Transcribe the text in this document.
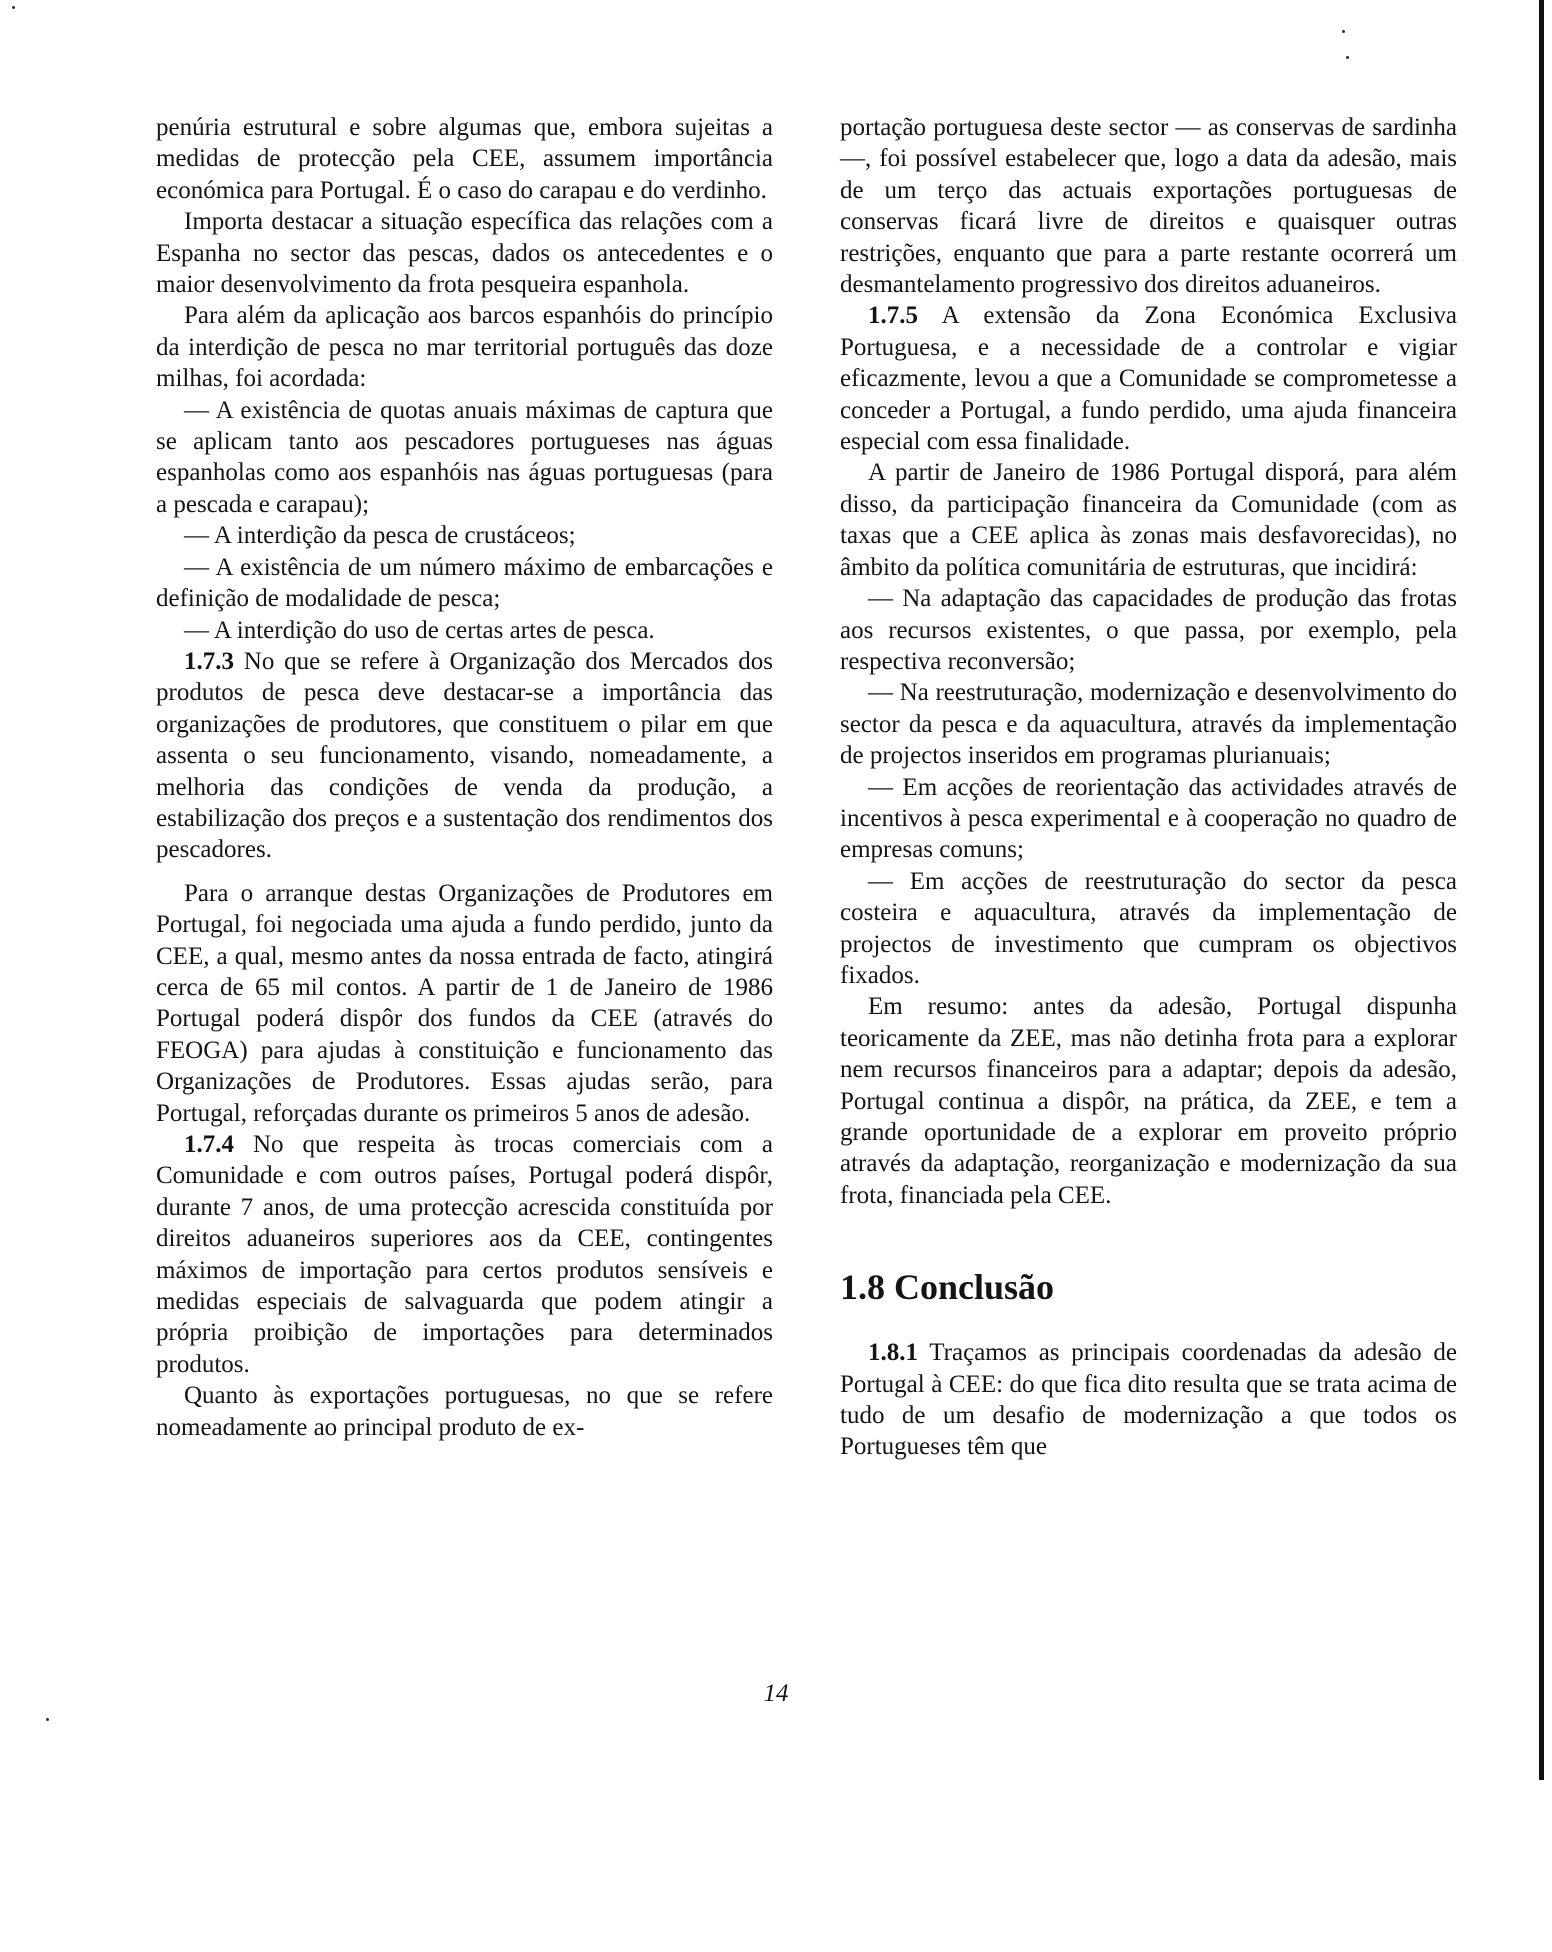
penúria estrutural e sobre algumas que, embora sujeitas a medidas de protecção pela CEE, assumem importância económica para Portugal. É o caso do carapau e do verdinho.

Importa destacar a situação específica das relações com a Espanha no sector das pescas, dados os antecedentes e o maior desenvolvimento da frota pesqueira espanhola.

Para além da aplicação aos barcos espanhóis do princípio da interdição de pesca no mar territorial português das doze milhas, foi acordada:

— A existência de quotas anuais máximas de captura que se aplicam tanto aos pescadores portugueses nas águas espanholas como aos espanhóis nas águas portuguesas (para a pescada e carapau);

— A interdição da pesca de crustáceos;

— A existência de um número máximo de embarcações e definição de modalidade de pesca;

— A interdição do uso de certas artes de pesca.

1.7.3 No que se refere à Organização dos Mercados dos produtos de pesca deve destacar-se a importância das organizações de produtores, que constituem o pilar em que assenta o seu funcionamento, visando, nomeadamente, a melhoria das condições de venda da produção, a estabilização dos preços e a sustentação dos rendimentos dos pescadores.

Para o arranque destas Organizações de Produtores em Portugal, foi negociada uma ajuda a fundo perdido, junto da CEE, a qual, mesmo antes da nossa entrada de facto, atingirá cerca de 65 mil contos. A partir de 1 de Janeiro de 1986 Portugal poderá dispôr dos fundos da CEE (através do FEOGA) para ajudas à constituição e funcionamento das Organizações de Produtores. Essas ajudas serão, para Portugal, reforçadas durante os primeiros 5 anos de adesão.

1.7.4 No que respeita às trocas comerciais com a Comunidade e com outros países, Portugal poderá dispôr, durante 7 anos, de uma protecção acrescida constituída por direitos aduaneiros superiores aos da CEE, contingentes máximos de importação para certos produtos sensíveis e medidas especiais de salvaguarda que podem atingir a própria proibição de importações para determinados produtos.

Quanto às exportações portuguesas, no que se refere nomeadamente ao principal produto de ex-

portação portuguesa deste sector — as conservas de sardinha —, foi possível estabelecer que, logo a data da adesão, mais de um terço das actuais exportações portuguesas de conservas ficará livre de direitos e quaisquer outras restrições, enquanto que para a parte restante ocorrerá um desmantelamento progressivo dos direitos aduaneiros.

1.7.5 A extensão da Zona Económica Exclusiva Portuguesa, e a necessidade de a controlar e vigiar eficazmente, levou a que a Comunidade se comprometesse a conceder a Portugal, a fundo perdido, uma ajuda financeira especial com essa finalidade.

A partir de Janeiro de 1986 Portugal disporá, para além disso, da participação financeira da Comunidade (com as taxas que a CEE aplica às zonas mais desfavorecidas), no âmbito da política comunitária de estruturas, que incidirá:

— Na adaptação das capacidades de produção das frotas aos recursos existentes, o que passa, por exemplo, pela respectiva reconversão;

— Na reestruturação, modernização e desenvolvimento do sector da pesca e da aquacultura, através da implementação de projectos inseridos em programas plurianuais;

— Em acções de reorientação das actividades através de incentivos à pesca experimental e à cooperação no quadro de empresas comuns;

— Em acções de reestruturação do sector da pesca costeira e aquacultura, através da implementação de projectos de investimento que cumpram os objectivos fixados.

Em resumo: antes da adesão, Portugal dispunha teoricamente da ZEE, mas não detinha frota para a explorar nem recursos financeiros para a adaptar; depois da adesão, Portugal continua a dispôr, na prática, da ZEE, e tem a grande oportunidade de a explorar em proveito próprio através da adaptação, reorganização e modernização da sua frota, financiada pela CEE.

1.8 Conclusão

1.8.1 Traçamos as principais coordenadas da adesão de Portugal à CEE: do que fica dito resulta que se trata acima de tudo de um desafio de modernização a que todos os Portugueses têm que

14
